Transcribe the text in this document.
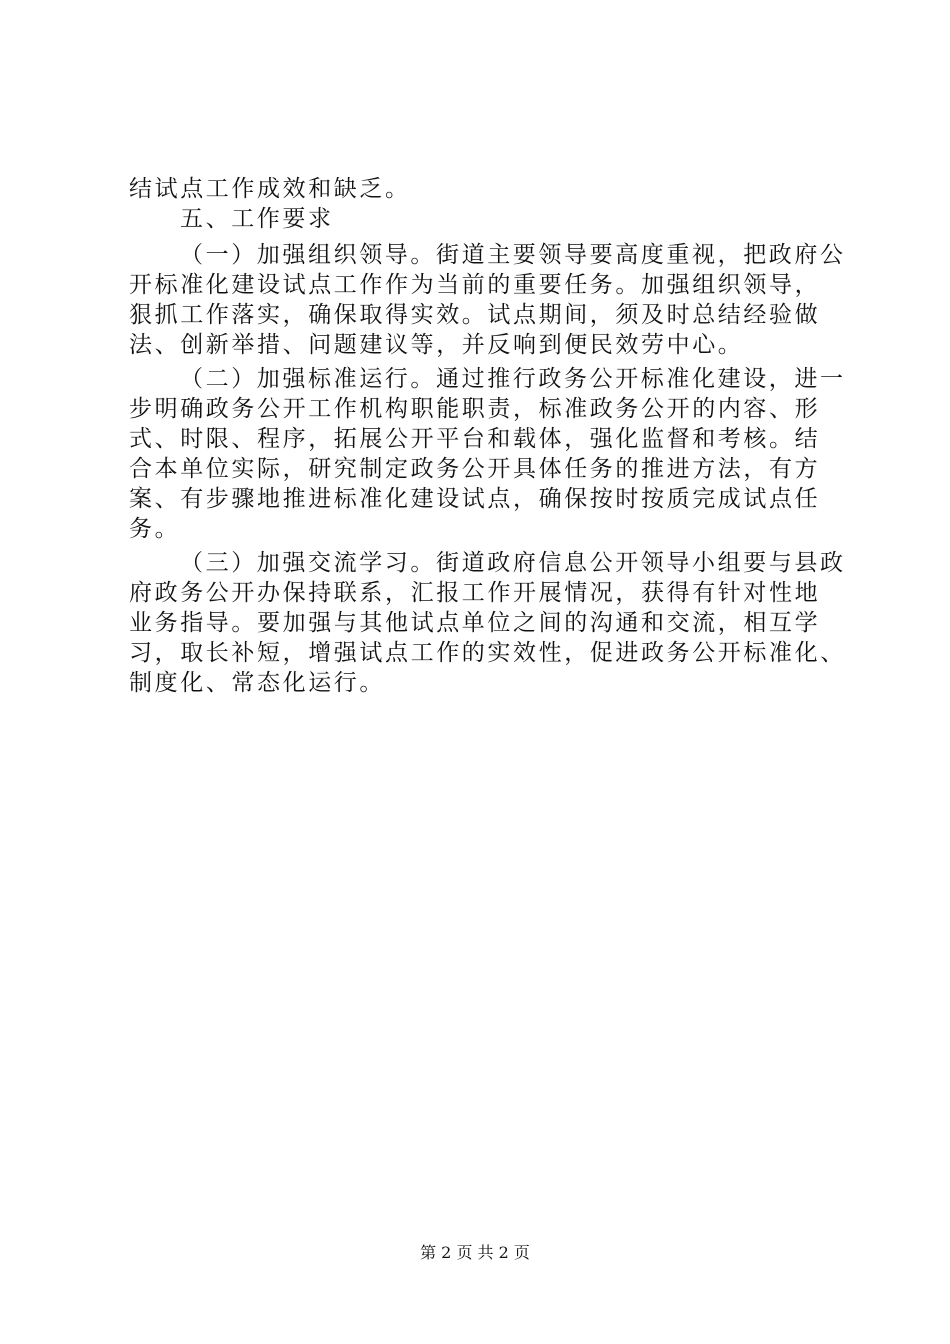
结试点工作成效和缺乏。
五、工作要求
（一）加强组织领导。街道主要领导要高度重视，把政府公
开标准化建设试点工作作为当前的重要任务。加强组织领导，
狠抓工作落实，确保取得实效。试点期间，须及时总结经验做
法、创新举措、问题建议等，并反响到便民效劳中心。
（二）加强标准运行。通过推行政务公开标准化建设，进一
步明确政务公开工作机构职能职责，标准政务公开的内容、形
式、时限、程序，拓展公开平台和载体，强化监督和考核。结
合本单位实际，研究制定政务公开具体任务的推进方法，有方
案、有步骤地推进标准化建设试点，确保按时按质完成试点任
务。
（三）加强交流学习。街道政府信息公开领导小组要与县政
府政务公开办保持联系，汇报工作开展情况，获得有针对性地
业务指导。要加强与其他试点单位之间的沟通和交流，相互学
习，取长补短，增强试点工作的实效性，促进政务公开标准化、
制度化、常态化运行。
第 2 页 共 2 页
